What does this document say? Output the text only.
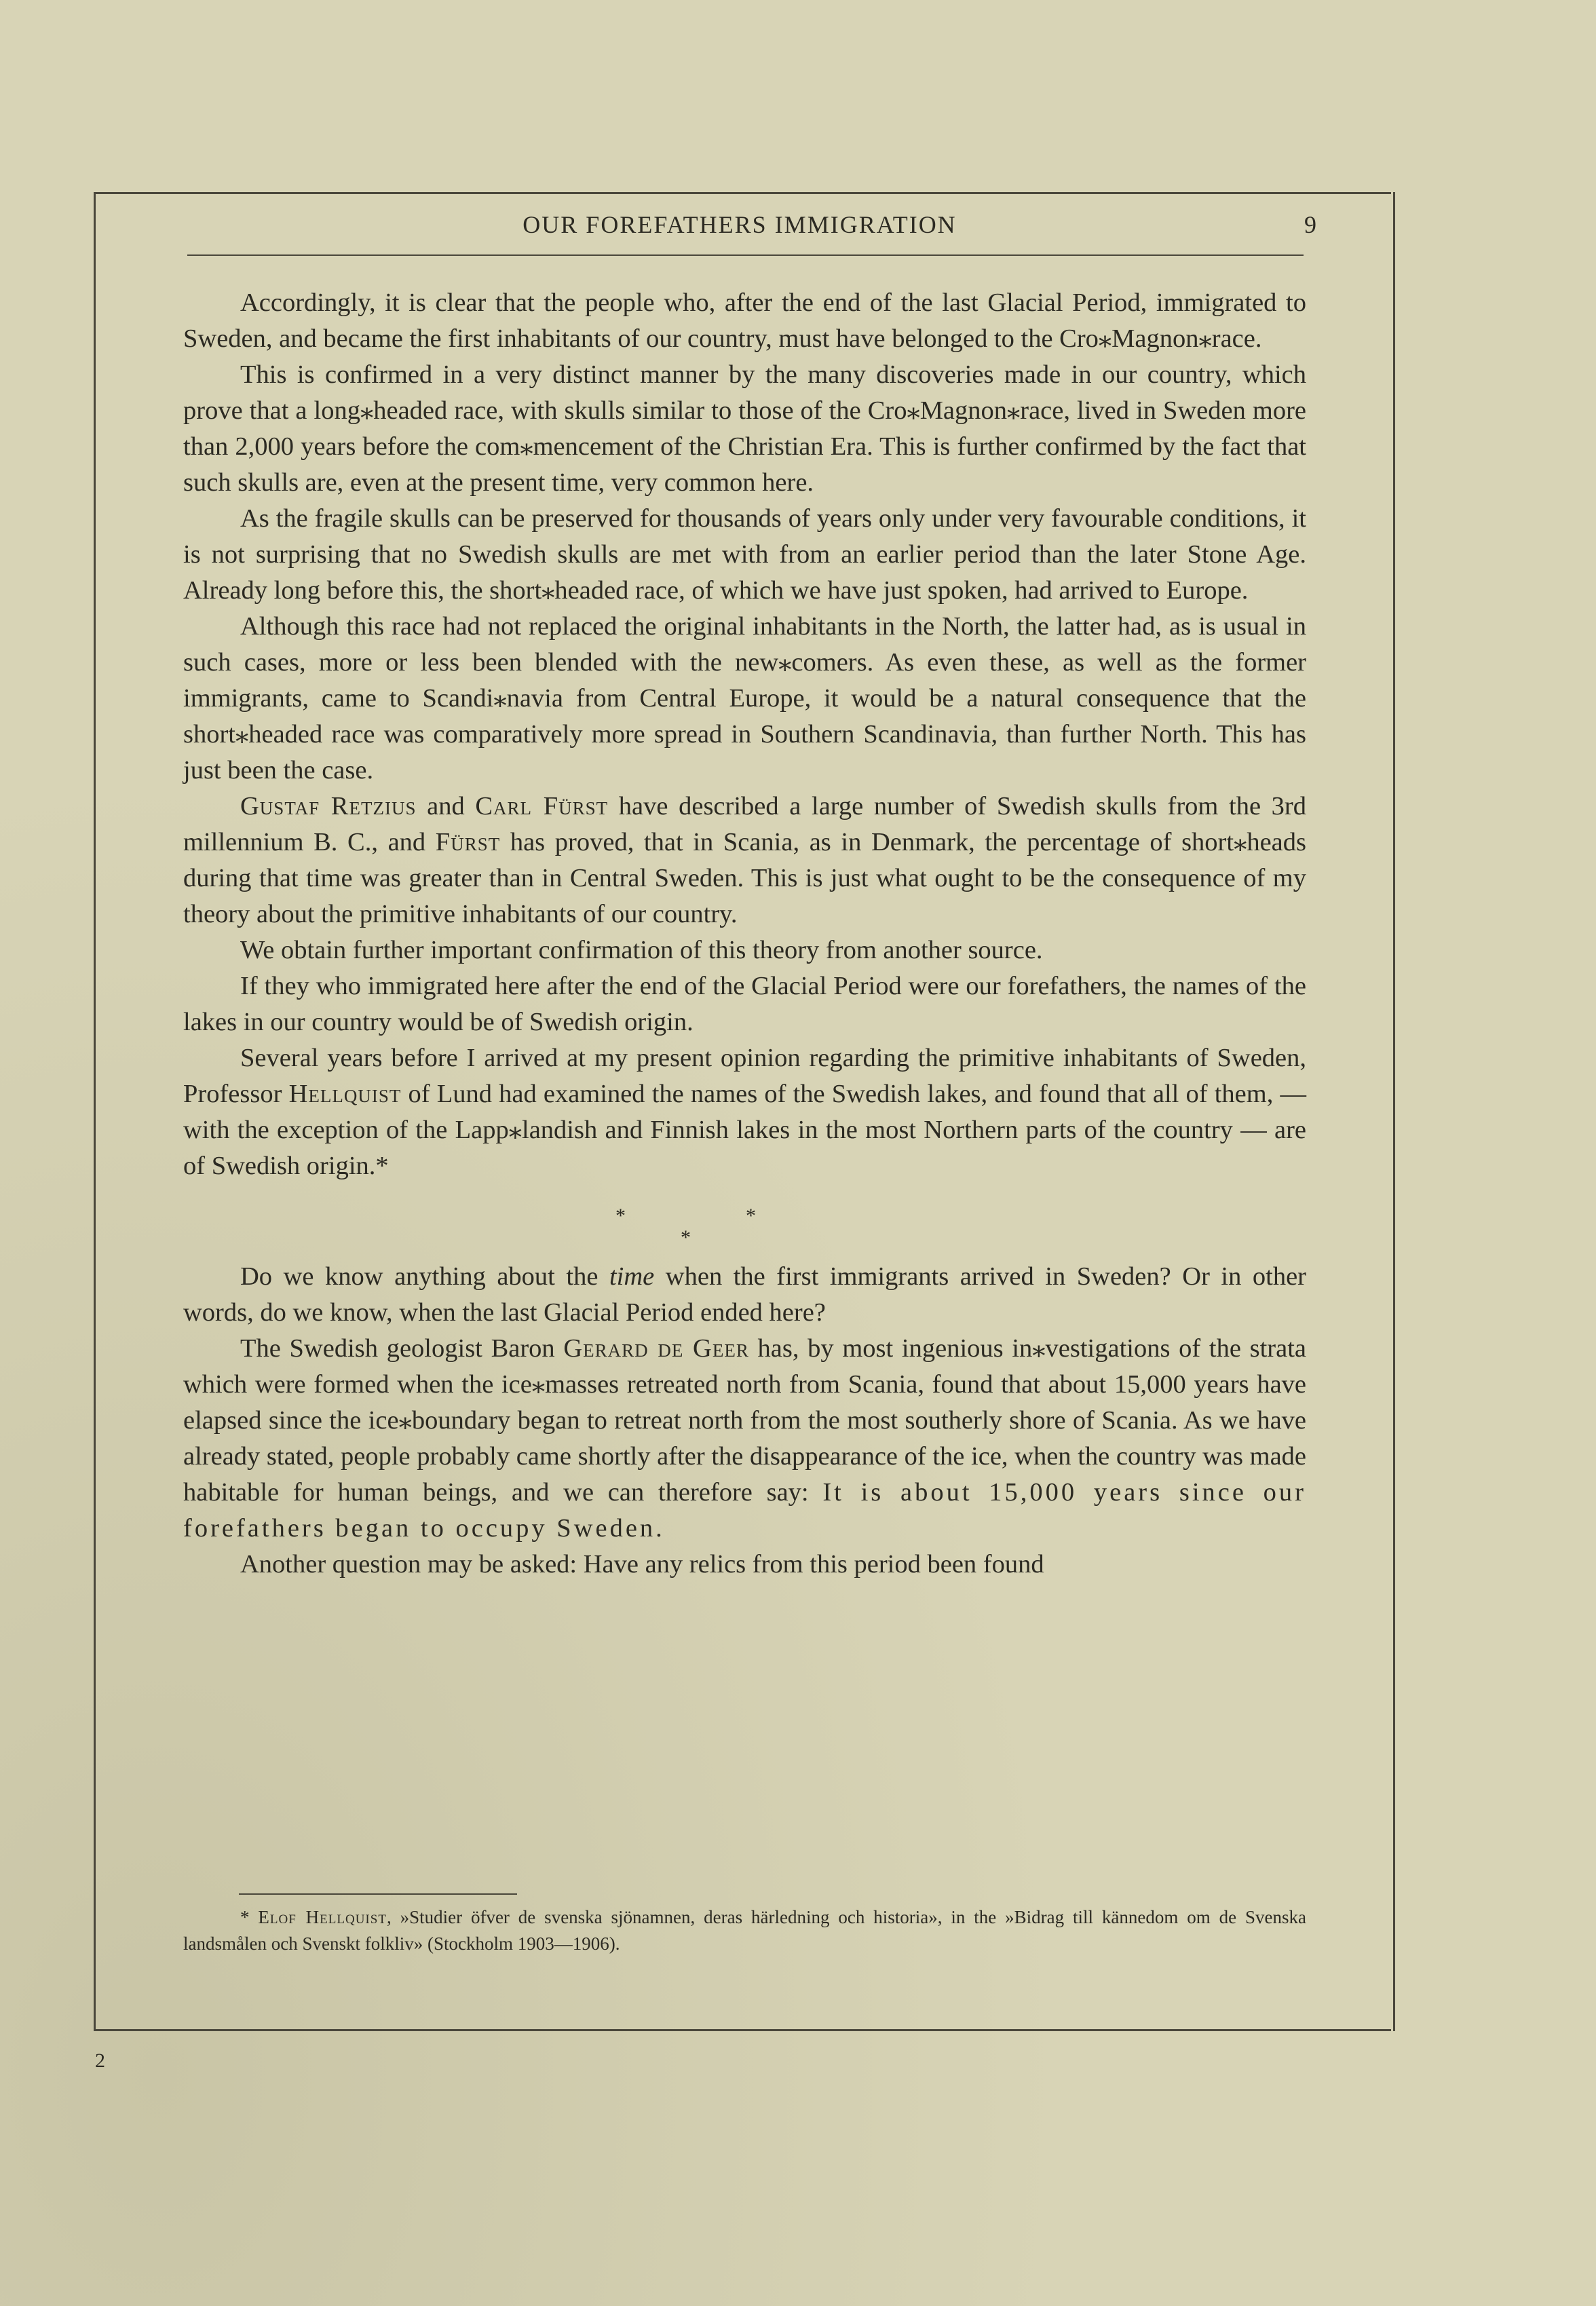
OUR FOREFATHERS IMMIGRATION	9

Accordingly, it is clear that the people who, after the end of the last Glacial Period, immigrated to Sweden, and became the first inhabitants of our country, must have belonged to the Cro⁎Magnon⁎race.

This is confirmed in a very distinct manner by the many discoveries made in our country, which prove that a long⁎headed race, with skulls similar to those of the Cro⁎Magnon⁎race, lived in Sweden more than 2,000 years before the com⁎mencement of the Christian Era. This is further confirmed by the fact that such skulls are, even at the present time, very common here.

As the fragile skulls can be preserved for thousands of years only under very favourable conditions, it is not surprising that no Swedish skulls are met with from an earlier period than the later Stone Age. Already long before this, the short⁎headed race, of which we have just spoken, had arrived to Europe.

Although this race had not replaced the original inhabitants in the North, the latter had, as is usual in such cases, more or less been blended with the new⁎comers. As even these, as well as the former immigrants, came to Scandi⁎navia from Central Europe, it would be a natural consequence that the short⁎headed race was comparatively more spread in Southern Scandinavia, than further North. This has just been the case.

Gustaf Retzius and Carl Fürst have described a large number of Swedish skulls from the 3rd millennium B. C., and Fürst has proved, that in Scania, as in Denmark, the percentage of short⁎heads during that time was greater than in Central Sweden. This is just what ought to be the consequence of my theory about the primitive inhabitants of our country.

We obtain further important confirmation of this theory from another source.

If they who immigrated here after the end of the Glacial Period were our forefathers, the names of the lakes in our country would be of Swedish origin.

Several years before I arrived at my present opinion regarding the primitive inhabitants of Sweden, Professor Hellquist of Lund had examined the names of the Swedish lakes, and found that all of them, — with the exception of the Lapp⁎landish and Finnish lakes in the most Northern parts of the country — are of Swedish origin.*

*	*
*

Do we know anything about the time when the first immigrants arrived in Sweden? Or in other words, do we know, when the last Glacial Period ended here?

The Swedish geologist Baron Gerard de Geer has, by most ingenious in⁎vestigations of the strata which were formed when the ice⁎masses retreated north from Scania, found that about 15,000 years have elapsed since the ice⁎boundary began to retreat north from the most southerly shore of Scania. As we have already stated, people probably came shortly after the disappearance of the ice, when the country was made habitable for human beings, and we can therefore say: It is about 15,000 years since our forefathers began to occupy Sweden.

Another question may be asked: Have any relics from this period been found

* Elof Hellquist, »Studier öfver de svenska sjönamnen, deras härledning och historia», in the »Bidrag till kännedom om de Svenska landsmålen och Svenskt folkliv» (Stockholm 1903—1906).
2
